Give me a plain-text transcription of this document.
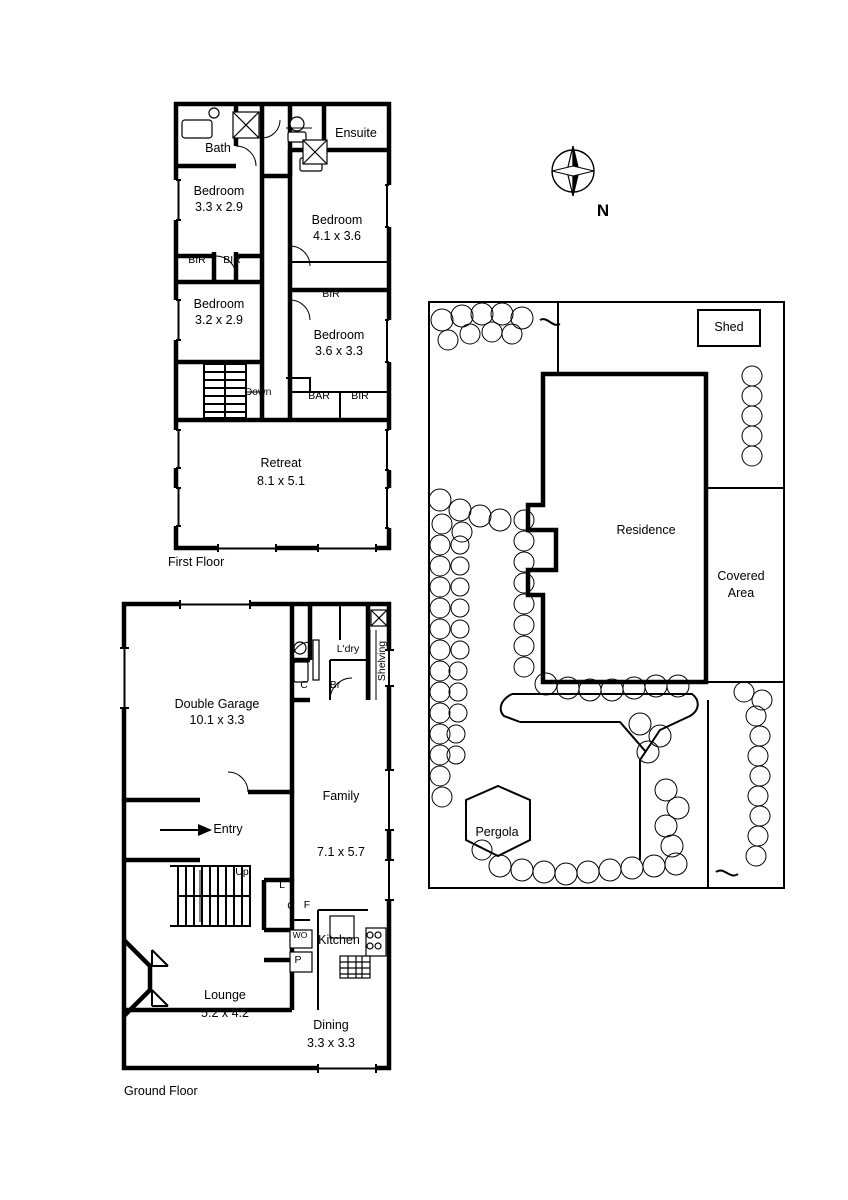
Bath
Ensuite
Bedroom
3.3 x 2.9
Bedroom
4.1 x 3.6
Bedroom
3.2 x 2.9
Bedroom
3.6 x 3.3
Retreat
8.1 x 5.1
BIR	BIR
BIR
BIR
BAR
Down
First Floor
Double Garage
10.1 x 3.3
Family
7.1 x 5.7
Lounge
5.2 x 4.2
Dining
3.3 x 3.3
Kitchen
L'dry
Entry
Up
Shelving
C	Br
L
C F
WO
P
Ground Floor
Shed
Residence
Covered
Area
Pergola
N
